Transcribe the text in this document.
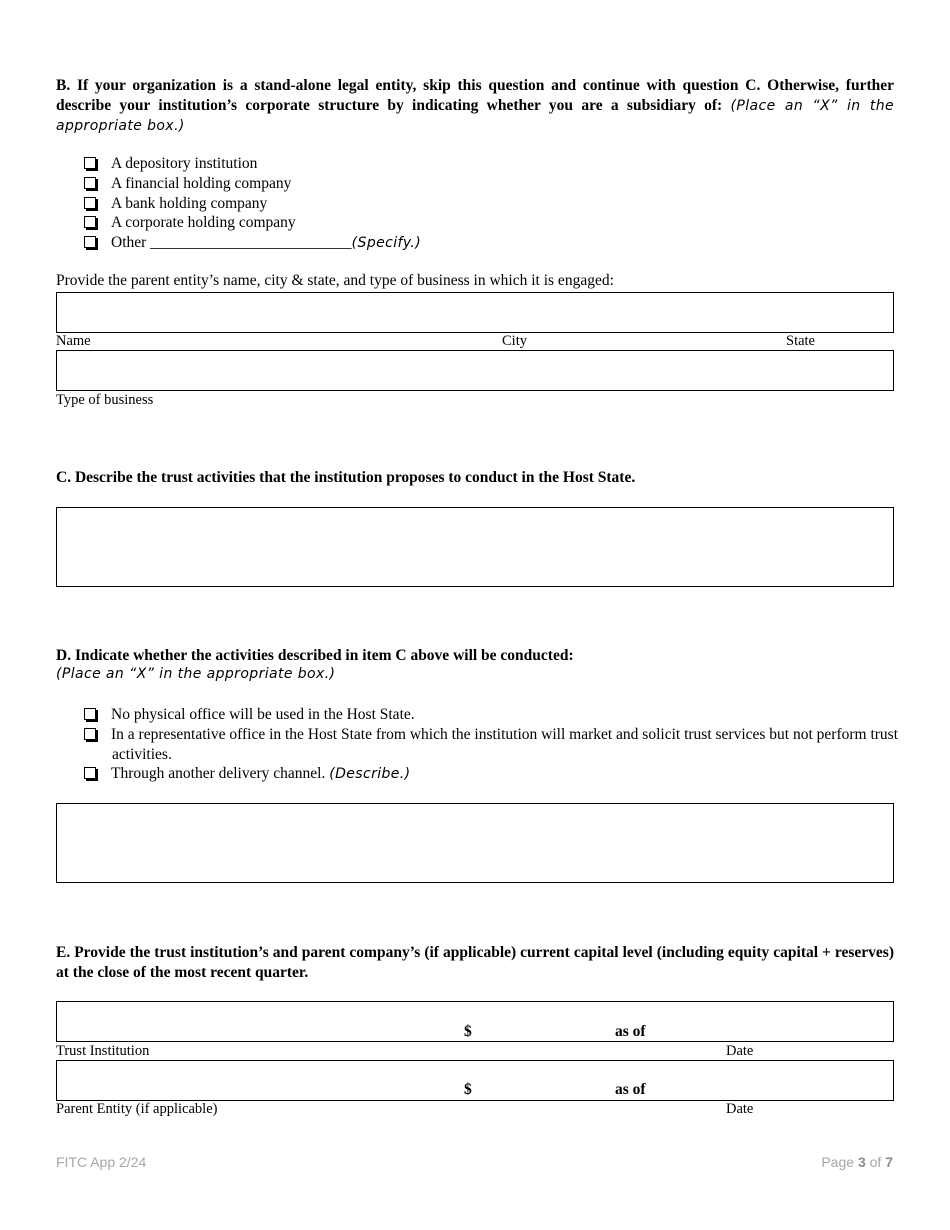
B. If your organization is a stand-alone legal entity, skip this question and continue with question C. Otherwise, further describe your institution’s corporate structure by indicating whether you are a subsidiary of: (Place an “X” in the appropriate box.)
A depository institution
A financial holding company
A bank holding company
A corporate holding company
Other __________________________(Specify.)
Provide the parent entity’s name, city & state, and type of business in which it is engaged:
Name	City	State
Type of business
C. Describe the trust activities that the institution proposes to conduct in the Host State.
D. Indicate whether the activities described in item C above will be conducted:
(Place an “X” in the appropriate box.)
No physical office will be used in the Host State.
In a representative office in the Host State from which the institution will market and solicit trust services but not perform trust activities.
Through another delivery channel. (Describe.)
E. Provide the trust institution’s and parent company’s (if applicable) current capital level (including equity capital + reserves) at the close of the most recent quarter.
$	as of
Trust Institution	Date
$	as of
Parent Entity (if applicable)	Date
FITC App 2/24	Page 3 of 7
